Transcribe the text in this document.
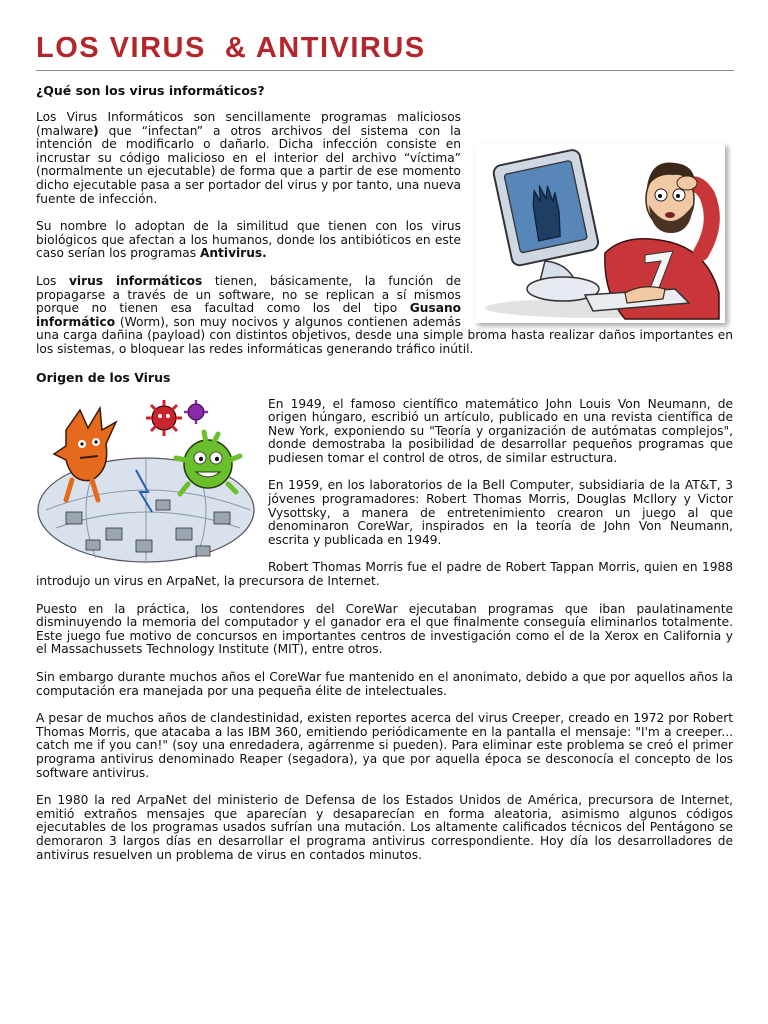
LOS VIRUS  & ANTIVIRUS
¿Qué son los virus informáticos?

Los Virus Informáticos son sencillamente programas maliciosos (malware) que “infectan” a otros archivos del sistema con la intención de modificarlo o dañarlo. Dicha infección consiste en incrustar su código malicioso en el interior del archivo “víctima” (normalmente un ejecutable) de forma que a partir de ese momento dicho ejecutable pasa a ser portador del virus y por tanto, una nueva fuente de infección.

Su nombre lo adoptan de la similitud que tienen con los virus biológicos que afectan a los humanos, donde los antibióticos en este caso serían los programas Antivirus.

Los virus informáticos tienen, básicamente, la función de propagarse a través de un software, no se replican a sí mismos porque no tienen esa facultad como los del tipo Gusano informático (Worm), son muy nocivos y algunos contienen además una carga dañina (payload) con distintos objetivos, desde una simple broma hasta realizar daños importantes en los sistemas, o bloquear las redes informáticas generando tráfico inútil.

Origen de los Virus

En 1949, el famoso científico matemático John Louis Von Neumann, de origen húngaro, escribió un artículo, publicado en una revista científica de New York, exponiendo su "Teoría y organización de autómatas complejos", donde demostraba la posibilidad de desarrollar pequeños programas que pudiesen tomar el control de otros, de similar estructura.

En 1959, en los laboratorios de la Bell Computer, subsidiaria de la AT&T, 3 jóvenes programadores: Robert Thomas Morris, Douglas McIlory y Victor Vysottsky, a manera de entretenimiento crearon un juego al que denominaron CoreWar, inspirados en la teoría de John Von Neumann, escrita y publicada en 1949.

Robert Thomas Morris fue el padre de Robert Tappan Morris, quien en 1988 introdujo un virus en ArpaNet, la precursora de Internet.

Puesto en la práctica, los contendores del CoreWar ejecutaban programas que iban paulatinamente disminuyendo la memoria del computador y el ganador era el que finalmente conseguía eliminarlos totalmente. Este juego fue motivo de concursos en importantes centros de investigación como el de la Xerox en California y el Massachussets Technology Institute (MIT), entre otros.

Sin embargo durante muchos años el CoreWar fue mantenido en el anonimato, debido a que por aquellos años la computación era manejada por una pequeña élite de intelectuales.

A pesar de muchos años de clandestinidad, existen reportes acerca del virus Creeper, creado en 1972 por Robert Thomas Morris, que atacaba a las IBM 360, emitiendo periódicamente en la pantalla el mensaje: "I'm a creeper... catch me if you can!" (soy una enredadera, agárrenme si pueden). Para eliminar este problema se creó el primer programa antivirus denominado Reaper (segadora), ya que por aquella época se desconocía el concepto de los software antivirus.

En 1980 la red ArpaNet del ministerio de Defensa de los Estados Unidos de América, precursora de Internet, emitió extraños mensajes que aparecían y desaparecían en forma aleatoria, asimismo algunos códigos ejecutables de los programas usados sufrían una mutación. Los altamente calificados técnicos del Pentágono se demoraron 3 largos días en desarrollar el programa antivirus correspondiente. Hoy día los desarrolladores de antivirus resuelven un problema de virus en contados minutos.
